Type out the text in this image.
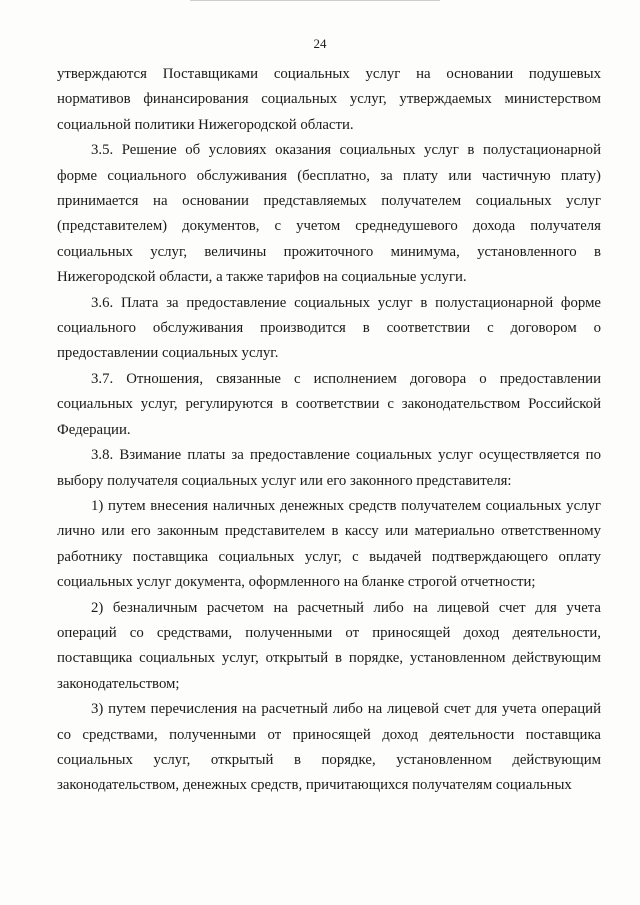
24

утверждаются Поставщиками социальных услуг на основании подушевых нормативов финансирования социальных услуг, утверждаемых министерством социальной политики Нижегородской области.

3.5. Решение об условиях оказания социальных услуг в полустационарной форме социального обслуживания (бесплатно, за плату или частичную плату) принимается на основании представляемых получателем социальных услуг (представителем) документов, с учетом среднедушевого дохода получателя социальных услуг, величины прожиточного минимума, установленного в Нижегородской области, а также тарифов на социальные услуги.

3.6. Плата за предоставление социальных услуг в полустационарной форме социального обслуживания производится в соответствии с договором о предоставлении социальных услуг.

3.7. Отношения, связанные с исполнением договора о предоставлении социальных услуг, регулируются в соответствии с законодательством Российской Федерации.

3.8. Взимание платы за предоставление социальных услуг осуществляется по выбору получателя социальных услуг или его законного представителя:

1) путем внесения наличных денежных средств получателем социальных услуг лично или его законным представителем в кассу или материально ответственному работнику поставщика социальных услуг, с выдачей подтверждающего оплату социальных услуг документа, оформленного на бланке строгой отчетности;

2) безналичным расчетом на расчетный либо на лицевой счет для учета операций со средствами, полученными от приносящей доход деятельности, поставщика социальных услуг, открытый в порядке, установленном действующим законодательством;

3) путем перечисления на расчетный либо на лицевой счет для учета операций со средствами, полученными от приносящей доход деятельности поставщика социальных услуг, открытый в порядке, установленном действующим законодательством, денежных средств, причитающихся получателям социальных
